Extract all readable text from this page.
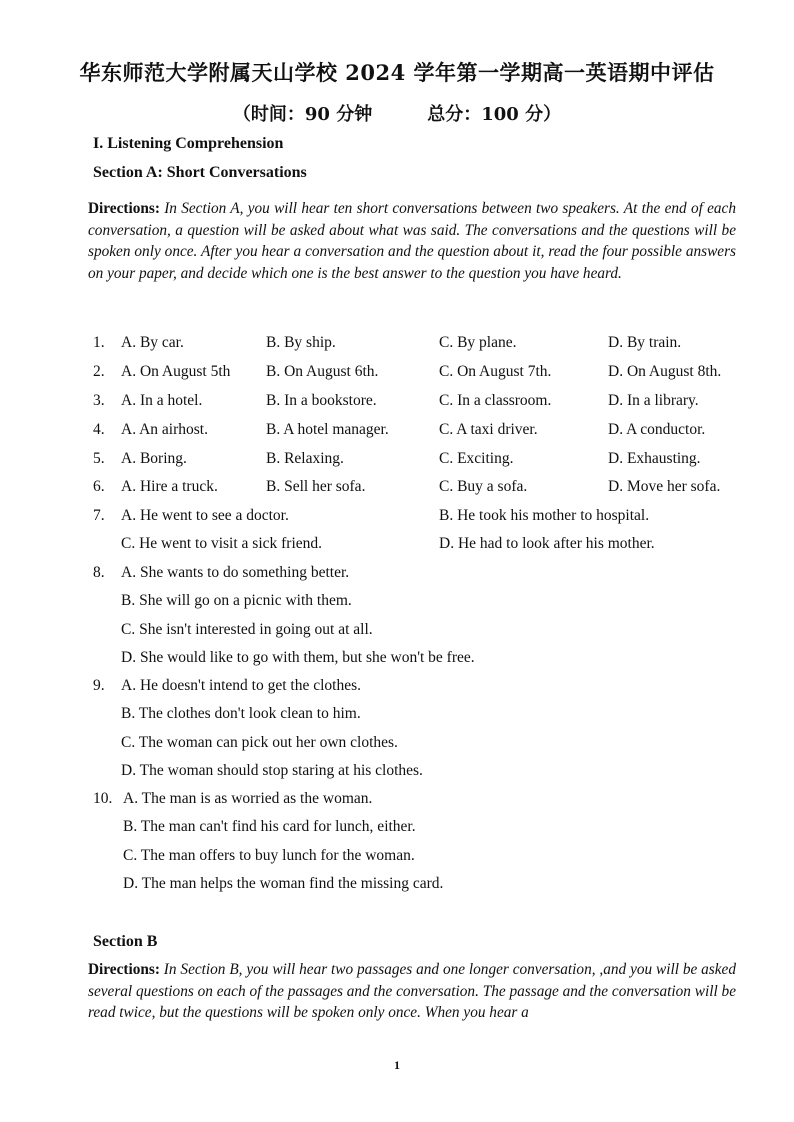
华东师范大学附属天山学校 2024 学年第一学期高一英语期中评估
（时间：90 分钟	总分：100 分）
I. Listening Comprehension
Section A: Short Conversations
Directions: In Section A, you will hear ten short conversations between two speakers. At the end of each conversation, a question will be asked about what was said. The conversations and the questions will be spoken only once. After you hear a conversation and the question about it, read the four possible answers on your paper, and decide which one is the best answer to the question you have heard.
1. A. By car.	B. By ship.	C. By plane.	D. By train.
2. A. On August 5th B. On August 6th.	C. On August 7th.	D. On August 8th.
3. A. In a hotel.	B. In a bookstore.	C. In a classroom.	D. In a library.
4. A. An airhost.	B. A hotel manager.	C. A taxi driver.	D. A conductor.
5. A. Boring.	B. Relaxing.	C. Exciting.	D. Exhausting.
6. A. Hire a truck.	B. Sell her sofa.	C. Buy a sofa.	D. Move her sofa.
7. A. He went to see a doctor.	B. He took his mother to hospital.
C. He went to visit a sick friend.	D. He had to look after his mother.
8. A. She wants to do something better.
B. She will go on a picnic with them.
C. She isn't interested in going out at all.
D. She would like to go with them, but she won't be free.
9. A. He doesn't intend to get the clothes.
B. The clothes don't look clean to him.
C. The woman can pick out her own clothes.
D. The woman should stop staring at his clothes.
10. A. The man is as worried as the woman.
B. The man can't find his card for lunch, either.
C. The man offers to buy lunch for the woman.
D. The man helps the woman find the missing card.
Section B
Directions: In Section B, you will hear two passages and one longer conversation, ,and you will be asked several questions on each of the passages and the conversation. The passage and the conversation will be read twice, but the questions will be spoken only once. When you hear a
1
